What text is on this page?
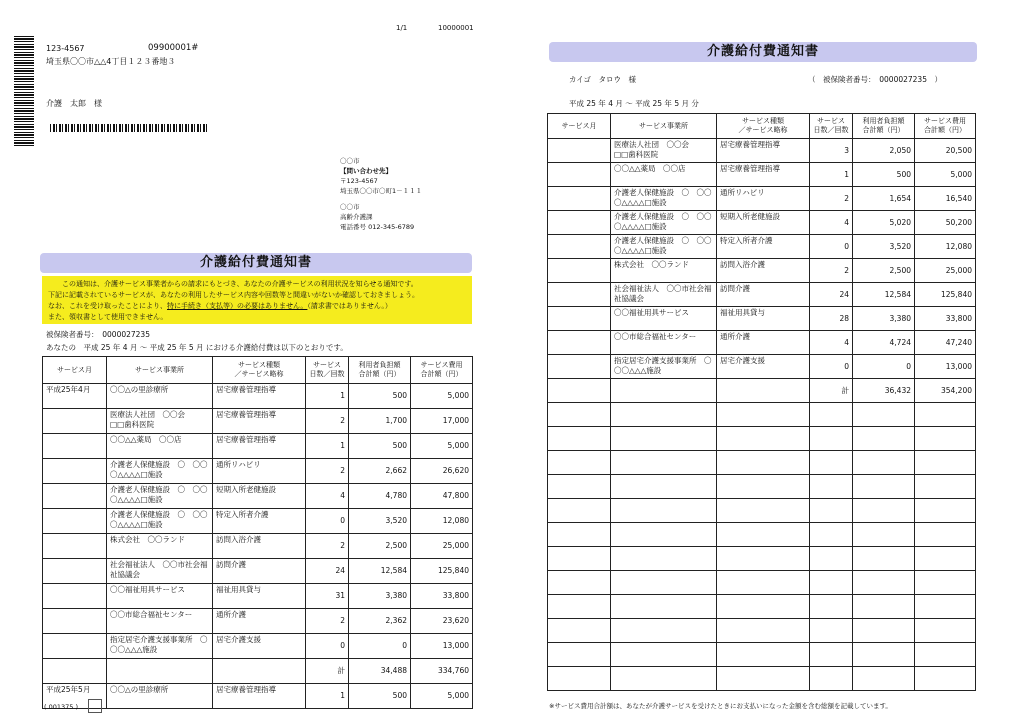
1/1	10000001
123-4567	09900001#
埼玉県〇〇市△△4丁目１２３番地３
介護　太郎　様
〇〇市
【問い合わせ先】
〒123-4567
埼玉県〇〇市〇町1－１１１
〇〇市
高齢介護課
電話番号 012-345-6789
介護給付費通知書
この通知は、介護サービス事業者からの請求にもとづき、あなたの介護サービスの利用状況を知らせる通知です。
下記に記載されているサービスが、あなたの利用したサービス内容や回数等と間違いがないか確認しておきましょう。
なお、これを受け取ったことにより、特に手続き（支払等）の必要はありません。（請求書ではありません。）
また、領収書として使用できません。
被保険者番号：　0000027235
あなたの　平成 25 年 4 月 ～ 平成 25 年 5 月 における介護給付費は以下のとおりです。
サービス月	サービス事業所	サービス種類
／サービス略称	サービス
日数／回数	利用者負担額
合計額（円）	サービス費用
合計額（円）
平成25年4月	〇〇△の里診療所	居宅療養管理指導	1	500	5,000
	医療法人社団　〇〇会　　□□歯科医院	居宅療養管理指導	2	1,700	17,000
	〇〇△△薬局　〇〇店	居宅療養管理指導	1	500	5,000
	介護老人保健施設　〇　〇〇〇△△△△□施設	通所リハビリ	2	2,662	26,620
	介護老人保健施設　〇　〇〇〇△△△△□施設	短期入所老健施設	4	4,780	47,800
	介護老人保健施設　〇　〇〇〇△△△△□施設	特定入所者介護	0	3,520	12,080
	株式会社　〇〇ランド	訪問入浴介護	2	2,500	25,000
	社会福祉法人　〇〇市社会福祉協議会	訪問介護	24	12,584	125,840
	〇〇福祉用具サービス	福祉用具貸与	31	3,380	33,800
	〇〇市総合福祉センター	通所介護	2	2,362	23,620
	指定居宅介護支援事業所　〇〇〇△△△施設	居宅介護支援	0	0	13,000
			計	34,488	334,760
平成25年5月	〇〇△の里診療所	居宅療養管理指導	1	500	5,000
( 001375 )
介護給付費通知書
カイゴ　タロウ　様	（　被保険者番号：　0000027235　）
平成 25 年 4 月 ～ 平成 25 年 5 月 分
サービス月	サービス事業所	サービス種類
／サービス略称	サービス
日数／回数	利用者負担額
合計額（円）	サービス費用
合計額（円）
	医療法人社団　〇〇会　　□□歯科医院	居宅療養管理指導	3	2,050	20,500
	〇〇△△薬局　〇〇店	居宅療養管理指導	1	500	5,000
	介護老人保健施設　〇　〇〇〇△△△△□施設	通所リハビリ	2	1,654	16,540
	介護老人保健施設　〇　〇〇〇△△△△□施設	短期入所老健施設	4	5,020	50,200
	介護老人保健施設　〇　〇〇〇△△△△□施設	特定入所者介護	0	3,520	12,080
	株式会社　〇〇ランド	訪問入浴介護	2	2,500	25,000
	社会福祉法人　〇〇市社会福祉協議会	訪問介護	24	12,584	125,840
	〇〇福祉用具サービス	福祉用具貸与	28	3,380	33,800
	〇〇市総合福祉センター	通所介護	4	4,724	47,240
	指定居宅介護支援事業所　〇〇〇△△△施設	居宅介護支援	0	0	13,000
			計	36,432	354,200

※サービス費用合計額は、あなたが介護サービスを受けたときにお支払いになった金額を含む総額を記載しています。
